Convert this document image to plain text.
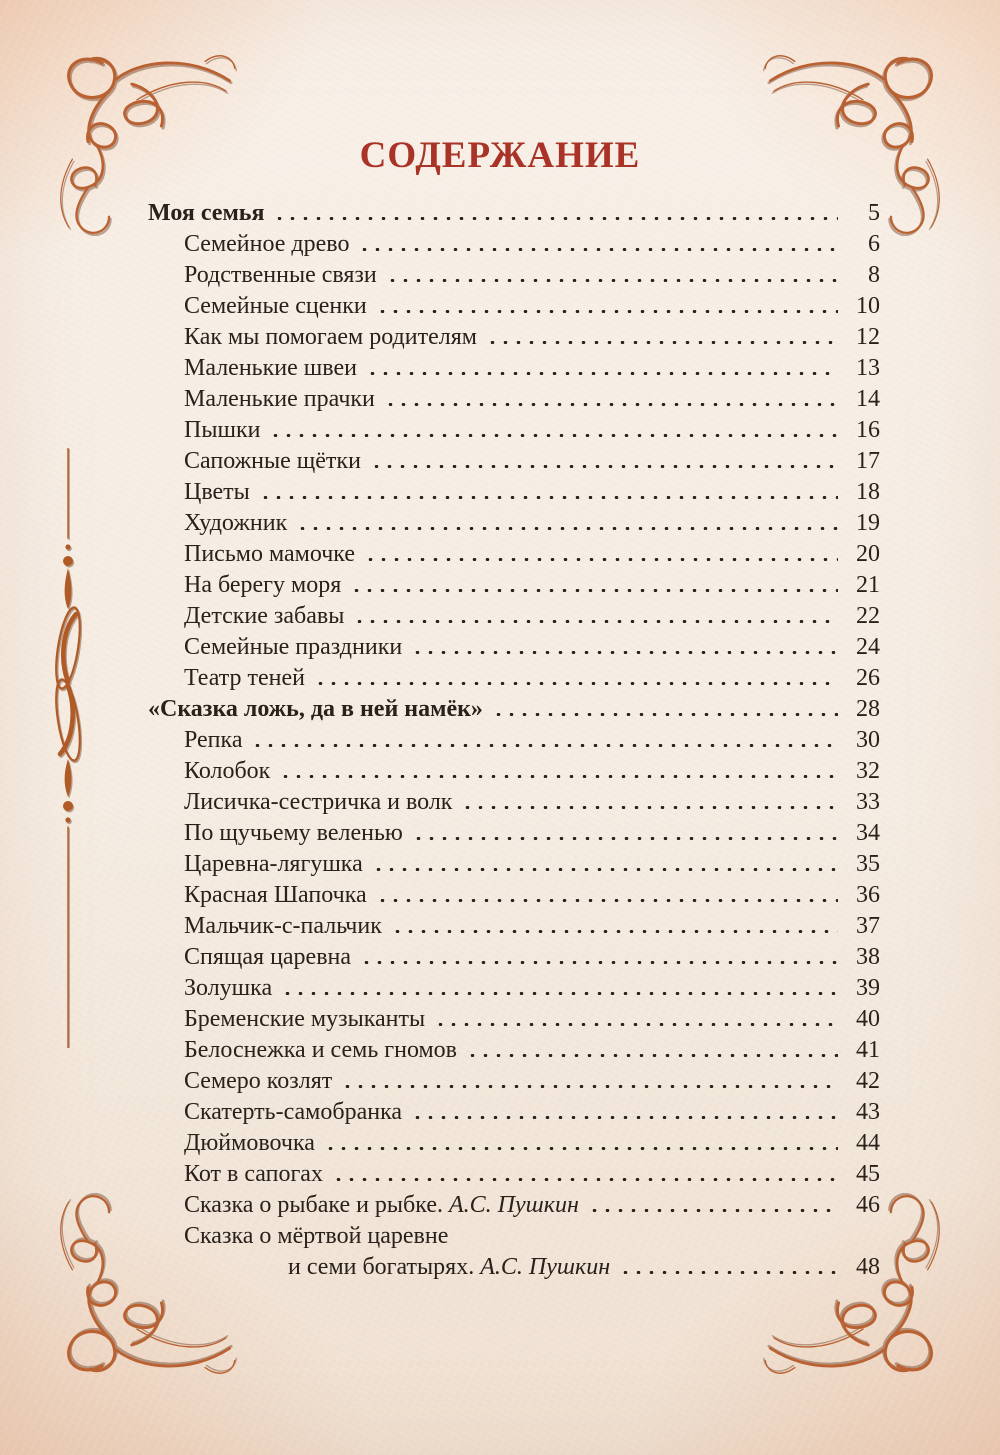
СОДЕРЖАНИЕ
Моя семья	5
Семейное древо	6
Родственные связи	8
Семейные сценки	10
Как мы помогаем родителям	12
Маленькие швеи	13
Маленькие прачки	14
Пышки	16
Сапожные щётки	17
Цветы	18
Художник	19
Письмо мамочке	20
На берегу моря	21
Детские забавы	22
Семейные праздники	24
Театр теней	26
«Сказка ложь, да в ней намёк»	28
Репка	30
Колобок	32
Лисичка-сестричка и волк	33
По щучьему веленью	34
Царевна-лягушка	35
Красная Шапочка	36
Мальчик-с-пальчик	37
Спящая царевна	38
Золушка	39
Бременские музыканты	40
Белоснежка и семь гномов	41
Семеро козлят	42
Скатерть-самобранка	43
Дюймовочка	44
Кот в сапогах	45
Сказка о рыбаке и рыбке. А.С. Пушкин	46
Сказка о мёртвой царевне
и семи богатырях. А.С. Пушкин	48
